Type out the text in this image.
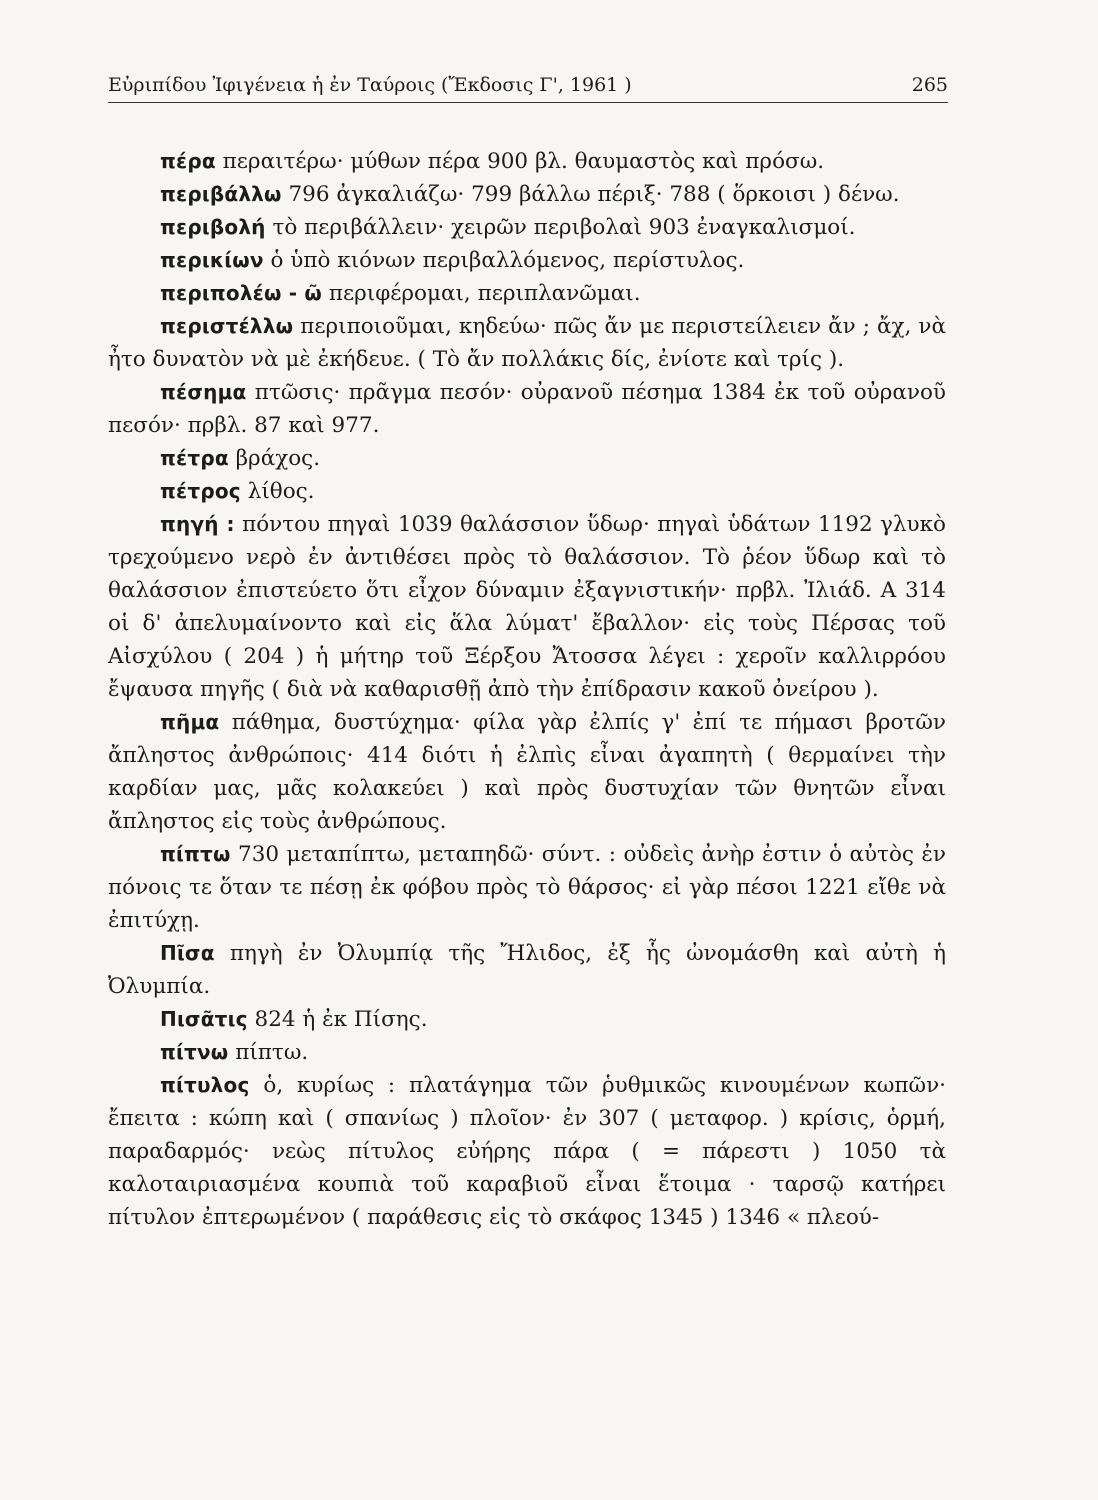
Εὐριπίδου Ἰφιγένεια ἡ ἐν Ταύροις (Ἔκδοσις Γ', 1961 )	265

πέρα περαιτέρω· μύθων πέρα 900 βλ. θαυμαστὸς καὶ πρόσω.

περιβάλλω 796 ἀγκαλιάζω· 799 βάλλω πέριξ· 788 ( ὅρκοισι ) δένω.

περιβολή τὸ περιβάλλειν· χειρῶν περιβολαὶ 903 ἐναγκαλισμοί.

περικίων ὁ ὑπὸ κιόνων περιβαλλόμενος, περίστυλος.

περιπολέω - ῶ περιφέρομαι, περιπλανῶμαι.

περιστέλλω περιποιοῦμαι, κηδεύω· πῶς ἄν με περιστείλειεν ἄν ; ἄχ, νὰ ἦτο δυνατὸν νὰ μὲ ἐκήδευε. ( Τὸ ἄν πολλάκις δίς, ἐνίοτε καὶ τρίς ).

πέσημα πτῶσις· πρᾶγμα πεσόν· οὐρανοῦ πέσημα 1384 ἐκ τοῦ οὐρανοῦ πεσόν· πρβλ. 87 καὶ 977.

πέτρα βράχος.

πέτρος λίθος.

πηγή : πόντου πηγαὶ 1039 θαλάσσιον ὕδωρ· πηγαὶ ὑδάτων 1192 γλυκὸ τρεχούμενο νερὸ ἐν ἀντιθέσει πρὸς τὸ θαλάσσιον. Τὸ ῥέον ὕδωρ καὶ τὸ θαλάσσιον ἐπιστεύετο ὅτι εἶχον δύναμιν ἐξαγνιστικήν· πρβλ. Ἰλιάδ. Α 314 οἱ δ' ἀπελυμαίνοντο καὶ εἰς ἅλα λύματ' ἔβαλλον· εἰς τοὺς Πέρσας τοῦ Αἰσχύλου ( 204 ) ἡ μήτηρ τοῦ Ξέρξου Ἄτοσσα λέγει : χεροῖν καλλιρρόου ἔψαυσα πηγῆς ( διὰ νὰ καθαρισθῇ ἀπὸ τὴν ἐπίδρασιν κακοῦ ὀνείρου ).

πῆμα πάθημα, δυστύχημα· φίλα γὰρ ἐλπίς γ' ἐπί τε πήμασι βροτῶν ἄπληστος ἀνθρώποις· 414 διότι ἡ ἐλπὶς εἶναι ἀγαπητὴ ( θερμαίνει τὴν καρδίαν μας, μᾶς κολακεύει ) καὶ πρὸς δυστυχίαν τῶν θνητῶν εἶναι ἄπληστος εἰς τοὺς ἀνθρώπους.

πίπτω 730 μεταπίπτω, μεταπηδῶ· σύντ. : οὐδεὶς ἀνὴρ ἐστιν ὁ αὐτὸς ἐν πόνοις τε ὅταν τε πέσῃ ἐκ φόβου πρὸς τὸ θάρσος· εἰ γὰρ πέσοι 1221 εἴθε νὰ ἐπιτύχῃ.

Πῖσα πηγὴ ἐν Ὀλυμπίᾳ τῆς Ἤλιδος, ἐξ ἧς ὠνομάσθη καὶ αὐτὴ ἡ Ὀλυμπία.

Πισᾶτις 824 ἡ ἐκ Πίσης.

πίτνω πίπτω.

πίτυλος ὁ, κυρίως : πλατάγημα τῶν ῥυθμικῶς κινουμένων κωπῶν· ἔπειτα : κώπη καὶ ( σπανίως ) πλοῖον· ἐν 307 ( μεταφορ. ) κρίσις, ὁρμή, παραδαρμός· νεὼς πίτυλος εὐήρης πάρα ( = πάρεστι ) 1050 τὰ καλοταιριασμένα κουπιὰ τοῦ καραβιοῦ εἶναι ἕτοιμα · ταρσῷ κατήρει πίτυλον ἐπτερωμένον ( παράθεσις εἰς τὸ σκάφος 1345 ) 1346 « πλεού-
